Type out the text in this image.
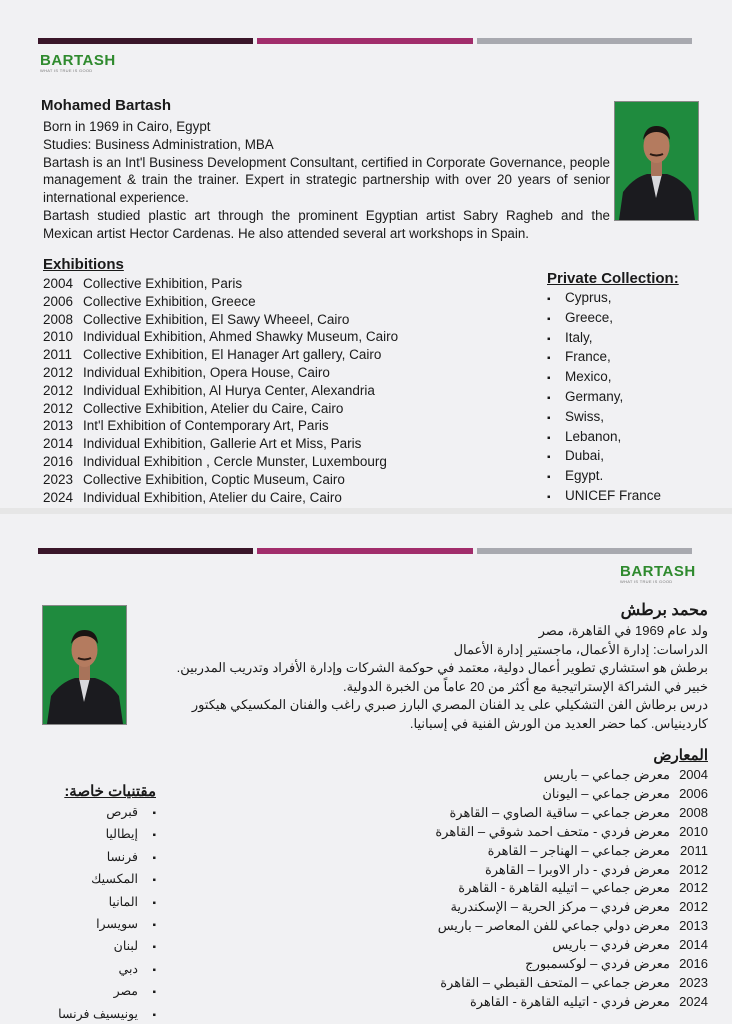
BARTASH
WHAT IS TRUE IS GOOD
Mohamed Bartash

Born in 1969 in Cairo, Egypt

Studies: Business Administration, MBA

Bartash is an Int'l Business Development Consultant, certified in Corporate Governance, people management & train the trainer. Expert in strategic partnership with over 20 years of senior international experience.

Bartash studied plastic art through the prominent Egyptian artist Sabry Ragheb and the Mexican artist Hector Cardenas. He also attended several art workshops in Spain.

Exhibitions
2004 Collective Exhibition, Paris
2006 Collective Exhibition, Greece
2008 Collective Exhibition, El Sawy Wheeel, Cairo
2010 Individual Exhibition, Ahmed Shawky Museum, Cairo
2011 Collective Exhibition, El Hanager Art gallery, Cairo
2012 Individual Exhibition, Opera House, Cairo
2012 Individual Exhibition, Al Hurya Center, Alexandria
2012 Collective Exhibition, Atelier du Caire, Cairo
2013 Int'l Exhibition of Contemporary Art, Paris
2014 Individual Exhibition, Gallerie Art et Miss, Paris
2016 Individual Exhibition , Cercle Munster, Luxembourg
2023 Collective Exhibition, Coptic Museum, Cairo
2024 Individual Exhibition, Atelier du Caire, Cairo
Private Collection:
▪ Cyprus,
▪ Greece,
▪ Italy,
▪ France,
▪ Mexico,
▪ Germany,
▪ Swiss,
▪ Lebanon,
▪ Dubai,
▪ Egypt.
▪ UNICEF France
BARTASH
WHAT IS TRUE IS GOOD
محمد برطش

ولد عام 1969 في القاهرة، مصر

الدراسات: إدارة الأعمال، ماجستير إدارة الأعمال

برطش هو استشاري تطوير أعمال دولية، معتمد في حوكمة الشركات وإدارة الأفراد وتدريب المدربين.

خبير في الشراكة الإستراتيجية مع أكثر من 20 عاماً من الخبرة الدولية.

درس برطاش الفن التشكيلي على يد الفنان المصري البارز صبري راغب والفنان المكسيكي هيكتور كاردينياس. كما حضر العديد من الورش الفنية في إسبانيا.

المعارض
2004معرض جماعي – باريس
2006معرض جماعي – اليونان
2008معرض جماعي – ساقية الصاوي – القاهرة
2010معرض فردي - متحف احمد شوقي – القاهرة
2011معرض جماعي – الهناجر – القاهرة
2012معرض فردي - دار الاوبرا – القاهرة
2012معرض جماعي – اتيليه القاهرة - القاهرة
2012معرض فردي – مركز الحرية – الإسكندرية
2013معرض دولي جماعي للفن المعاصر – باريس
2014معرض فردي – باريس
2016معرض فردي – لوكسمبورج
2023معرض جماعي – المتحف القبطي – القاهرة
2024معرض فردي - اتيليه القاهرة - القاهرة
مقتنيات خاصة:
▪ قبرص
▪ إيطاليا
▪ فرنسا
▪ المكسيك
▪ المانيا
▪ سويسرا
▪ لبنان
▪ دبي
▪ مصر
▪ يونيسيف فرنسا
